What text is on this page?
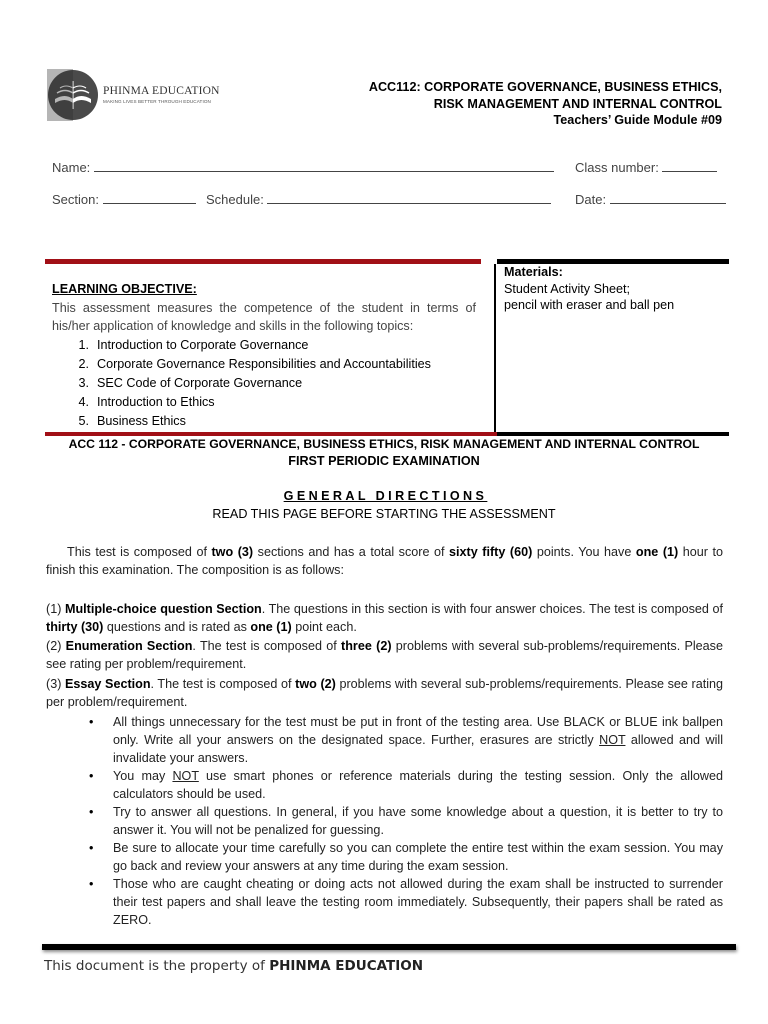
PHINMA EDUCATION
MAKING LIVES BETTER THROUGH EDUCATION
ACC112: CORPORATE GOVERNANCE, BUSINESS ETHICS,
RISK MANAGEMENT AND INTERNAL CONTROL
Teachers’ Guide Module #09
Name:	Class number:
Section:	Schedule:	Date:
LEARNING OBJECTIVE:
This assessment measures the competence of the student in terms of his/her application of knowledge and skills in the following topics:
1. Introduction to Corporate Governance
2. Corporate Governance Responsibilities and Accountabilities
3. SEC Code of Corporate Governance
4. Introduction to Ethics
5. Business Ethics
Materials:
Student Activity Sheet;
pencil with eraser and ball pen
ACC 112 - CORPORATE GOVERNANCE, BUSINESS ETHICS, RISK MANAGEMENT AND INTERNAL CONTROL
FIRST PERIODIC EXAMINATION
GENERAL DIRECTIONS
READ THIS PAGE BEFORE STARTING THE ASSESSMENT
This test is composed of two (3) sections and has a total score of sixty fifty (60) points. You have one (1) hour to finish this examination. The composition is as follows:
(1) Multiple-choice question Section. The questions in this section is with four answer choices. The test is composed of thirty (30) questions and is rated as one (1) point each.
(2) Enumeration Section. The test is composed of three (2) problems with several sub-problems/requirements. Please see rating per problem/requirement.
(3) Essay Section. The test is composed of two (2) problems with several sub-problems/requirements. Please see rating per problem/requirement.
• All things unnecessary for the test must be put in front of the testing area. Use BLACK or BLUE ink ballpen only. Write all your answers on the designated space. Further, erasures are strictly NOT allowed and will invalidate your answers.
• You may NOT use smart phones or reference materials during the testing session. Only the allowed calculators should be used.
• Try to answer all questions. In general, if you have some knowledge about a question, it is better to try to answer it. You will not be penalized for guessing.
• Be sure to allocate your time carefully so you can complete the entire test within the exam session. You may go back and review your answers at any time during the exam session.
• Those who are caught cheating or doing acts not allowed during the exam shall be instructed to surrender their test papers and shall leave the testing room immediately. Subsequently, their papers shall be rated as ZERO.
This document is the property of PHINMA EDUCATION
